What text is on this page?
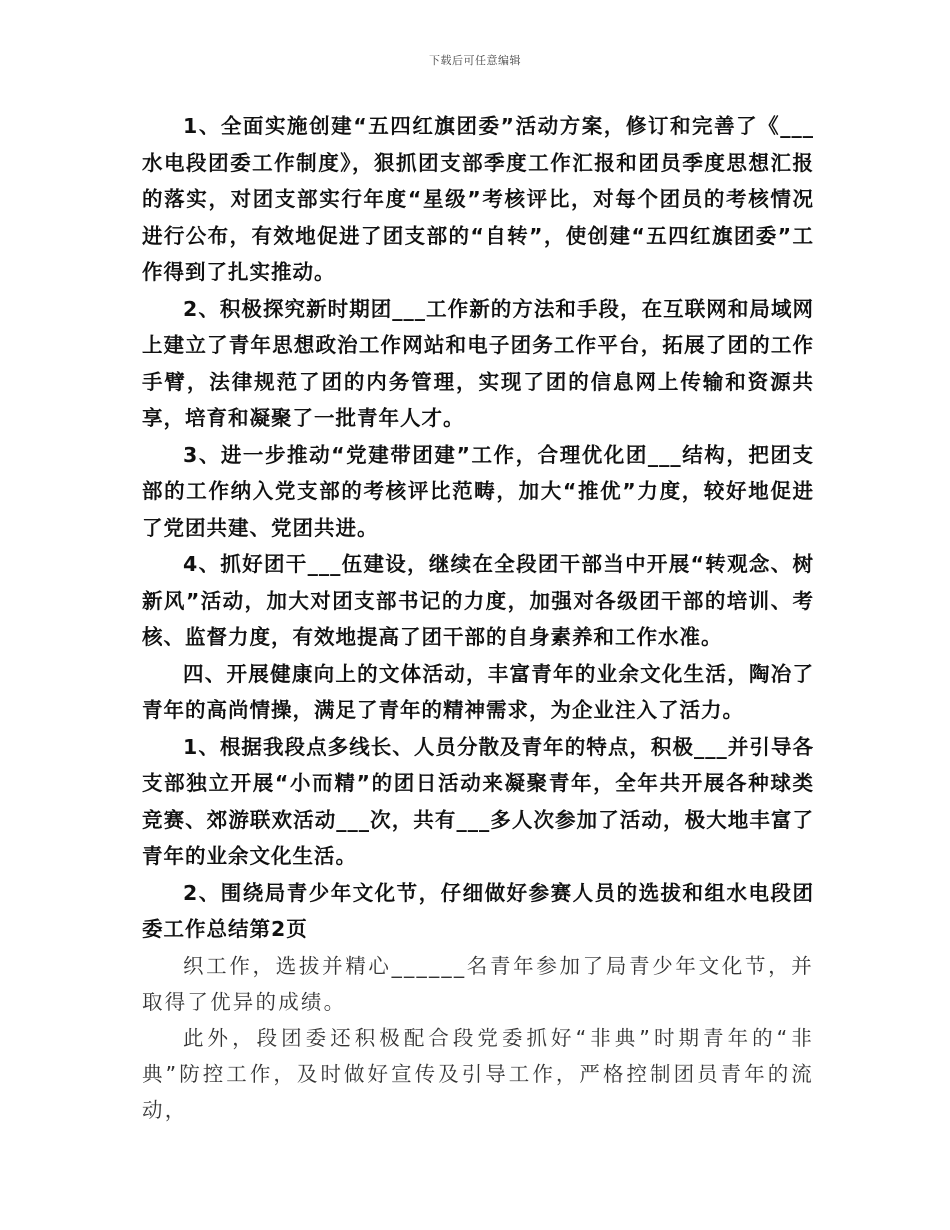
下载后可任意编辑

1、全面实施创建“五四红旗团委”活动方案，修订和完善了《___水电段团委工作制度》，狠抓团支部季度工作汇报和团员季度思想汇报的落实，对团支部实行年度“星级”考核评比，对每个团员的考核情况进行公布，有效地促进了团支部的“自转”，使创建“五四红旗团委”工作得到了扎实推动。

2、积极探究新时期团___工作新的方法和手段，在互联网和局域网上建立了青年思想政治工作网站和电子团务工作平台，拓展了团的工作手臂，法律规范了团的内务管理，实现了团的信息网上传输和资源共享，培育和凝聚了一批青年人才。

3、进一步推动“党建带团建”工作，合理优化团___结构，把团支部的工作纳入党支部的考核评比范畴，加大“推优”力度，较好地促进了党团共建、党团共进。

4、抓好团干___伍建设，继续在全段团干部当中开展“转观念、树新风”活动，加大对团支部书记的力度，加强对各级团干部的培训、考核、监督力度，有效地提高了团干部的自身素养和工作水准。

四、开展健康向上的文体活动，丰富青年的业余文化生活，陶冶了青年的高尚情操，满足了青年的精神需求，为企业注入了活力。

1、根据我段点多线长、人员分散及青年的特点，积极___并引导各支部独立开展“小而精”的团日活动来凝聚青年，全年共开展各种球类竞赛、郊游联欢活动___次，共有___多人次参加了活动，极大地丰富了青年的业余文化生活。

2、围绕局青少年文化节，仔细做好参赛人员的选拔和组水电段团委工作总结第2页

织工作，选拔并精心______名青年参加了局青少年文化节，并取得了优异的成绩。

此外，段团委还积极配合段党委抓好“非典”时期青年的“非典”防控工作，及时做好宣传及引导工作，严格控制团员青年的流动，
